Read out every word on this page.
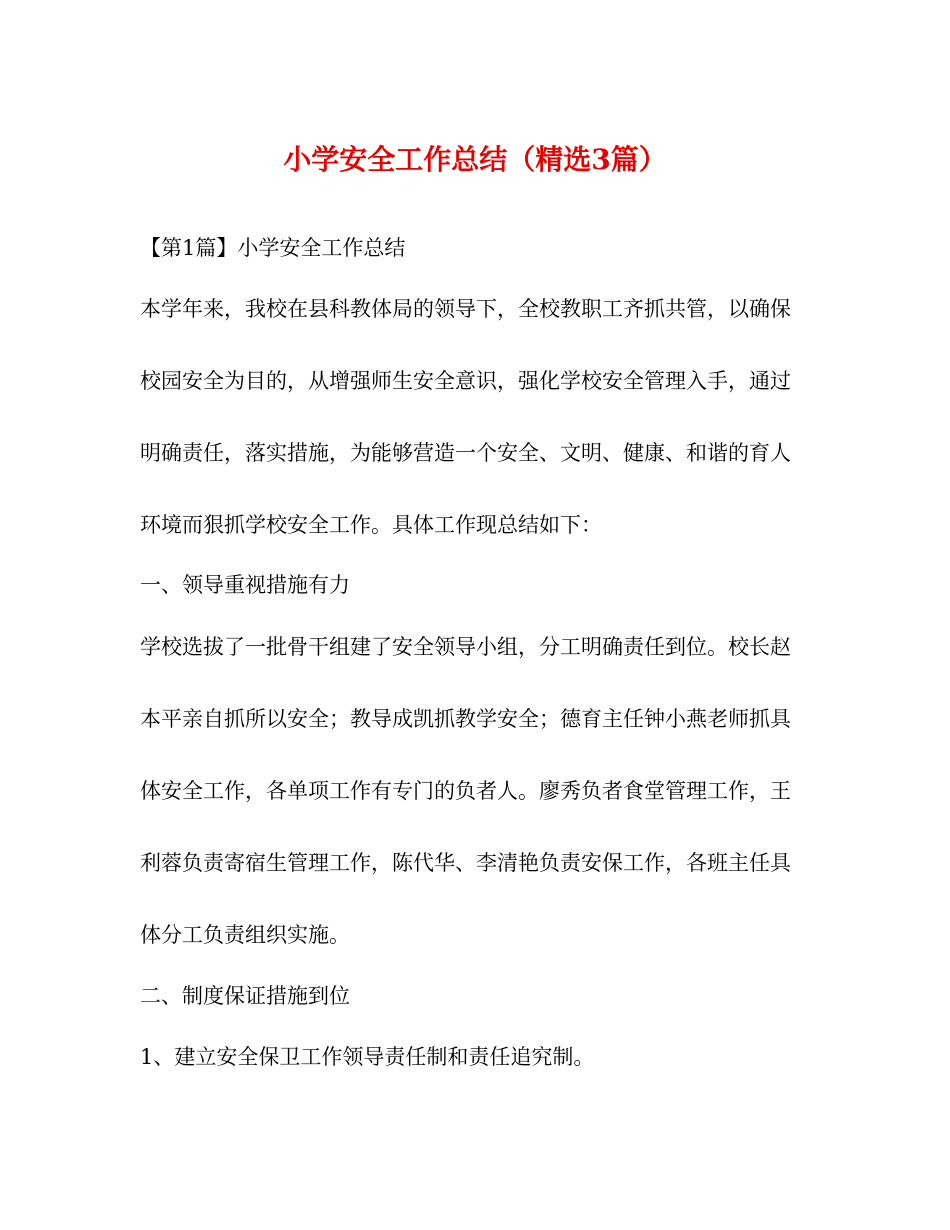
小学安全工作总结（精选3篇）
【第1篇】小学安全工作总结
本学年来，我校在县科教体局的领导下，全校教职工齐抓共管，以确保
校园安全为目的，从增强师生安全意识，强化学校安全管理入手，通过
明确责任，落实措施，为能够营造一个安全、文明、健康、和谐的育人
环境而狠抓学校安全工作。具体工作现总结如下：
一、领导重视措施有力
学校选拔了一批骨干组建了安全领导小组，分工明确责任到位。校长赵
本平亲自抓所以安全；教导成凯抓教学安全；德育主任钟小燕老师抓具
体安全工作，各单项工作有专门的负者人。廖秀负者食堂管理工作，王
利蓉负责寄宿生管理工作，陈代华、李清艳负责安保工作，各班主任具
体分工负责组织实施。
二、制度保证措施到位
1、建立安全保卫工作领导责任制和责任追究制。
